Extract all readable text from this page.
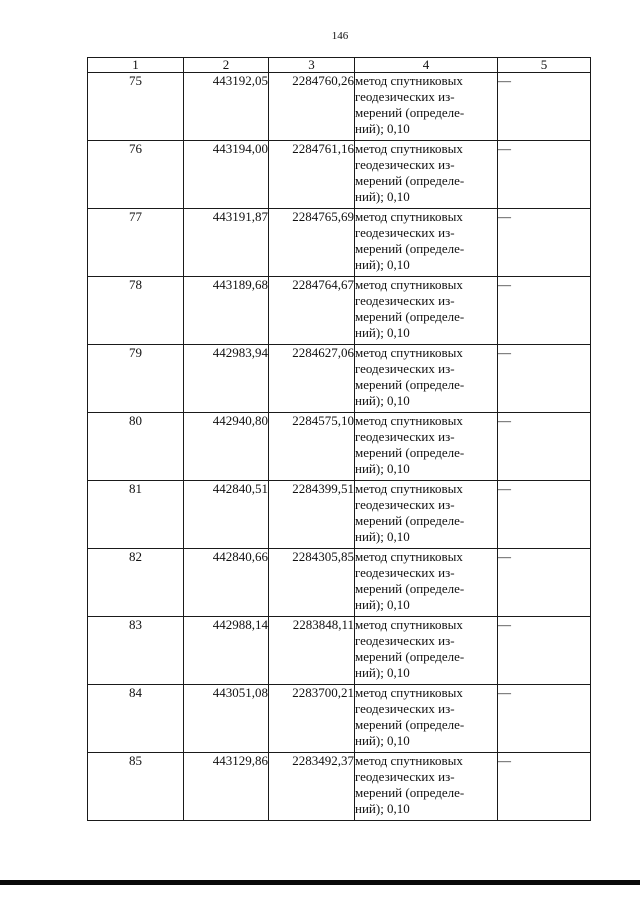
146
1	2	3	4	5
75	443192,05	2284760,26	метод спутниковых
геодезических из-
мерений (определе-
ний); 0,10	—
76	443194,00	2284761,16	метод спутниковых
геодезических из-
мерений (определе-
ний); 0,10	—
77	443191,87	2284765,69	метод спутниковых
геодезических из-
мерений (определе-
ний); 0,10	—
78	443189,68	2284764,67	метод спутниковых
геодезических из-
мерений (определе-
ний); 0,10	—
79	442983,94	2284627,06	метод спутниковых
геодезических из-
мерений (определе-
ний); 0,10	—
80	442940,80	2284575,10	метод спутниковых
геодезических из-
мерений (определе-
ний); 0,10	—
81	442840,51	2284399,51	метод спутниковых
геодезических из-
мерений (определе-
ний); 0,10	—
82	442840,66	2284305,85	метод спутниковых
геодезических из-
мерений (определе-
ний); 0,10	—
83	442988,14	2283848,11	метод спутниковых
геодезических из-
мерений (определе-
ний); 0,10	—
84	443051,08	2283700,21	метод спутниковых
геодезических из-
мерений (определе-
ний); 0,10	—
85	443129,86	2283492,37	метод спутниковых
геодезических из-
мерений (определе-
ний); 0,10	—
